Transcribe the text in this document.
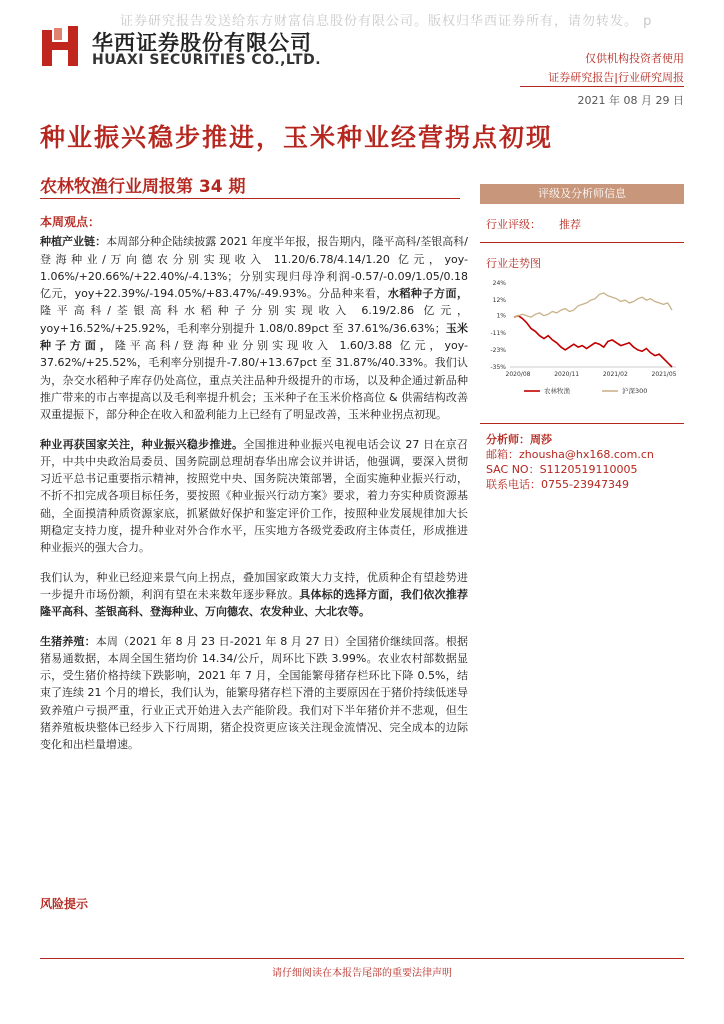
证券研究报告发送给东方财富信息股份有限公司。版权归华西证券所有，请勿转发。 p
华西证券股份有限公司
HUAXI SECURITIES CO.,LTD.	仅供机构投资者使用
证券研究报告|行业研究周报
2021 年 08 月 29 日
种业振兴稳步推进，玉米种业经营拐点初现
农林牧渔行业周报第 34 期
本周观点：

种植产业链：本周部分种企陆续披露 2021 年度半年报，报告期内，隆平高科/荃银高科/登海种业/万向德农分别实现收入 11.20/6.78/4.14/1.20 亿元，yoy-1.06%/+20.66%/+22.40%/-4.13%；分别实现归母净利润-0.57/-0.09/1.05/0.18 亿元，yoy+22.39%/-194.05%/+83.47%/-49.93%。分品种来看，水稻种子方面，隆平高科/荃银高科水稻种子分别实现收入 6.19/2.86 亿元，yoy+16.52%/+25.92%，毛利率分别提升 1.08/0.89pct 至 37.61%/36.63%；玉米种子方面，隆平高科/登海种业分别实现收入 1.60/3.88 亿元，yoy-37.62%/+25.52%，毛利率分别提升-7.80/+13.67pct 至 31.87%/40.33%。我们认为，杂交水稻种子库存仍处高位，重点关注品种升级提升的市场，以及种企通过新品种推广带来的市占率提高以及毛利率提升机会；玉米种子在玉米价格高位 & 供需结构改善双重提振下，部分种企在收入和盈利能力上已经有了明显改善，玉米种业拐点初现。

种业再获国家关注，种业振兴稳步推进。全国推进种业振兴电视电话会议 27 日在京召开，中共中央政治局委员、国务院副总理胡春华出席会议并讲话，他强调，要深入贯彻习近平总书记重要指示精神，按照党中央、国务院决策部署，全面实施种业振兴行动，不折不扣完成各项目标任务，要按照《种业振兴行动方案》要求，着力夯实种质资源基础，全面摸清种质资源家底，抓紧做好保护和鉴定评价工作，按照种业发展规律加大长期稳定支持力度，提升种业对外合作水平，压实地方各级党委政府主体责任，形成推进种业振兴的强大合力。

我们认为，种业已经迎来景气向上拐点，叠加国家政策大力支持，优质种企有望趁势进一步提升市场份额，利润有望在未来数年逐步释放。具体标的选择方面，我们依次推荐隆平高科、荃银高科、登海种业、万向德农、农发种业、大北农等。

生猪养殖：本周（2021 年 8 月 23 日-2021 年 8 月 27 日）全国猪价继续回落。根据猪易通数据，本周全国生猪均价 14.34/公斤，周环比下跌 3.99%。农业农村部数据显示，受生猪价格持续下跌影响，2021 年 7 月，全国能繁母猪存栏环比下降 0.5%，结束了连续 21 个月的增长，我们认为，能繁母猪存栏下滑的主要原因在于猪价持续低迷导致养殖户亏损严重，行业正式开始进入去产能阶段。我们对下半年猪价并不悲观，但生猪养殖板块整体已经步入下行周期，猪企投资更应该关注现金流情况、完全成本的边际变化和出栏量增速。

风险提示
评级及分析师信息
行业评级： 推荐
行业走势图
24%
12%
1%
-11%
-23%
-35%
2020/08	2020/11	2021/02	2021/05
农林牧渔	沪深300
分析师：周莎
邮箱：zhousha@hx168.com.cn
SAC NO：S1120519110005
联系电话：0755-23947349
请仔细阅读在本报告尾部的重要法律声明
